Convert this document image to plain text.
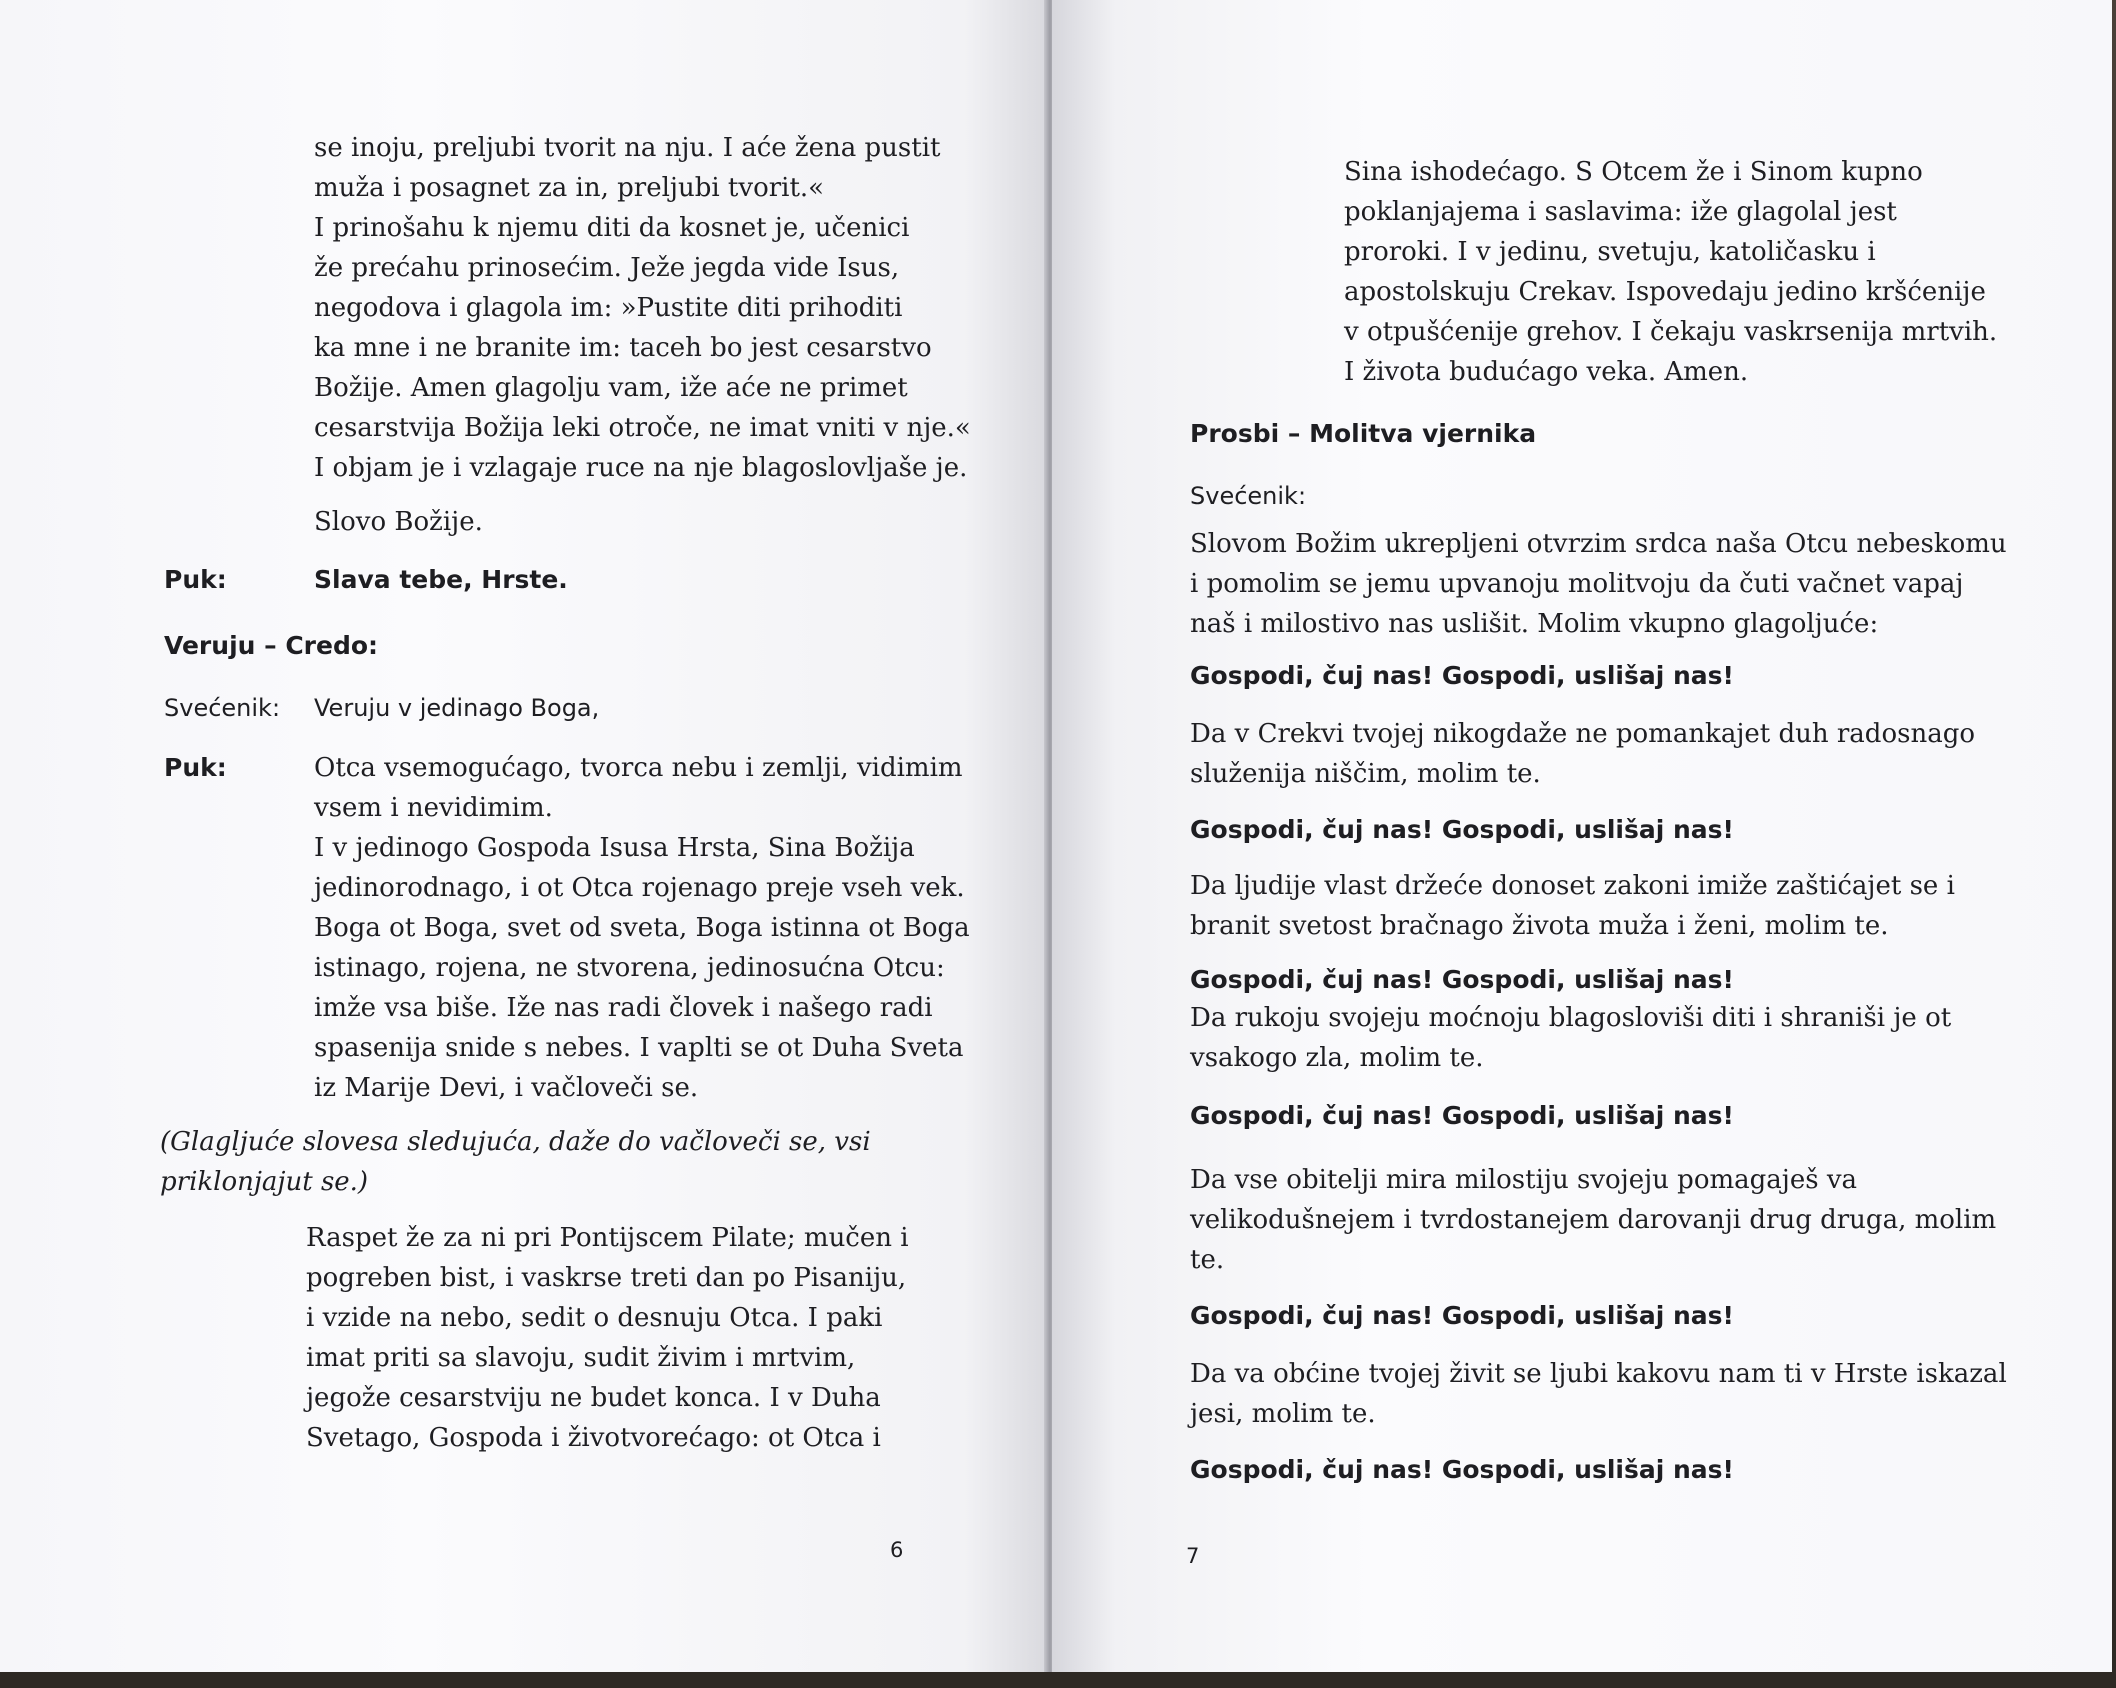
se inoju, preljubi tvorit na nju. I aće žena pustit
muža i posagnet za in, preljubi tvorit.«
I prinošahu k njemu diti da kosnet je, učenici
že prećahu prinosećim. Ježe jegda vide Isus,
negodova i glagola im: »Pustite diti prihoditi
ka mne i ne branite im: taceh bo jest cesarstvo
Božije. Amen glagolju vam, iže aće ne primet
cesarstvija Božija leki otroče, ne imat vniti v nje.«
I objam je i vzlagaje ruce na nje blagoslovljaše je.
Slovo Božije.
Puk:	Slava tebe, Hrste.
Veruju – Credo:
Svećenik: Veruju v jedinago Boga,
Puk:	Otca vsemogućago, tvorca nebu i zemlji, vidimim
vsem i nevidimim.
I v jedinogo Gospoda Isusa Hrsta, Sina Božija
jedinorodnago, i ot Otca rojenago preje vseh vek.
Boga ot Boga, svet od sveta, Boga istinna ot Boga
istinago, rojena, ne stvorena, jedinosućna Otcu:
imže vsa biše. Iže nas radi človek i našego radi
spasenija snide s nebes. I vaplti se ot Duha Sveta
iz Marije Devi, i vačloveči se.
(Glagljuće slovesa sledujuća, daže do vačloveči se, vsi
priklonjajut se.)
Raspet že za ni pri Pontijscem Pilate; mučen i
pogreben bist, i vaskrse treti dan po Pisaniju,
i vzide na nebo, sedit o desnuju Otca. I paki
imat priti sa slavoju, sudit živim i mrtvim,
jegože cesarstviju ne budet konca. I v Duha
Svetago, Gospoda i životvorećago: ot Otca i
6
Sina ishodećago. S Otcem že i Sinom kupno
poklanjajema i saslavima: iže glagolal jest
proroki. I v jedinu, svetuju, katoličasku i
apostolskuju Crekav. Ispovedaju jedino kršćenije
v otpušćenije grehov. I čekaju vaskrsenija mrtvih.
I života budućago veka. Amen.
Prosbi – Molitva vjernika
Svećenik:
Slovom Božim ukrepljeni otvrzim srdca naša Otcu nebeskomu
i pomolim se jemu upvanoju molitvoju da čuti vačnet vapaj
naš i milostivo nas uslišit. Molim vkupno glagoljuće:
Gospodi, čuj nas! Gospodi, uslišaj nas!
Da v Crekvi tvojej nikogdaže ne pomankajet duh radosnago
služenija niščim, molim te.
Gospodi, čuj nas! Gospodi, uslišaj nas!
Da ljudije vlast držeće donoset zakoni imiže zaštićajet se i
branit svetost bračnago života muža i ženi, molim te.
Gospodi, čuj nas! Gospodi, uslišaj nas!
Da rukoju svojeju moćnoju blagosloviši diti i shraniši je ot
vsakogo zla, molim te.
Gospodi, čuj nas! Gospodi, uslišaj nas!
Da vse obitelji mira milostiju svojeju pomagaješ va
velikodušnejem i tvrdostanejem darovanji drug druga, molim
te.
Gospodi, čuj nas! Gospodi, uslišaj nas!
Da va obćine tvojej živit se ljubi kakovu nam ti v Hrste iskazal
jesi, molim te.
Gospodi, čuj nas! Gospodi, uslišaj nas!
7
